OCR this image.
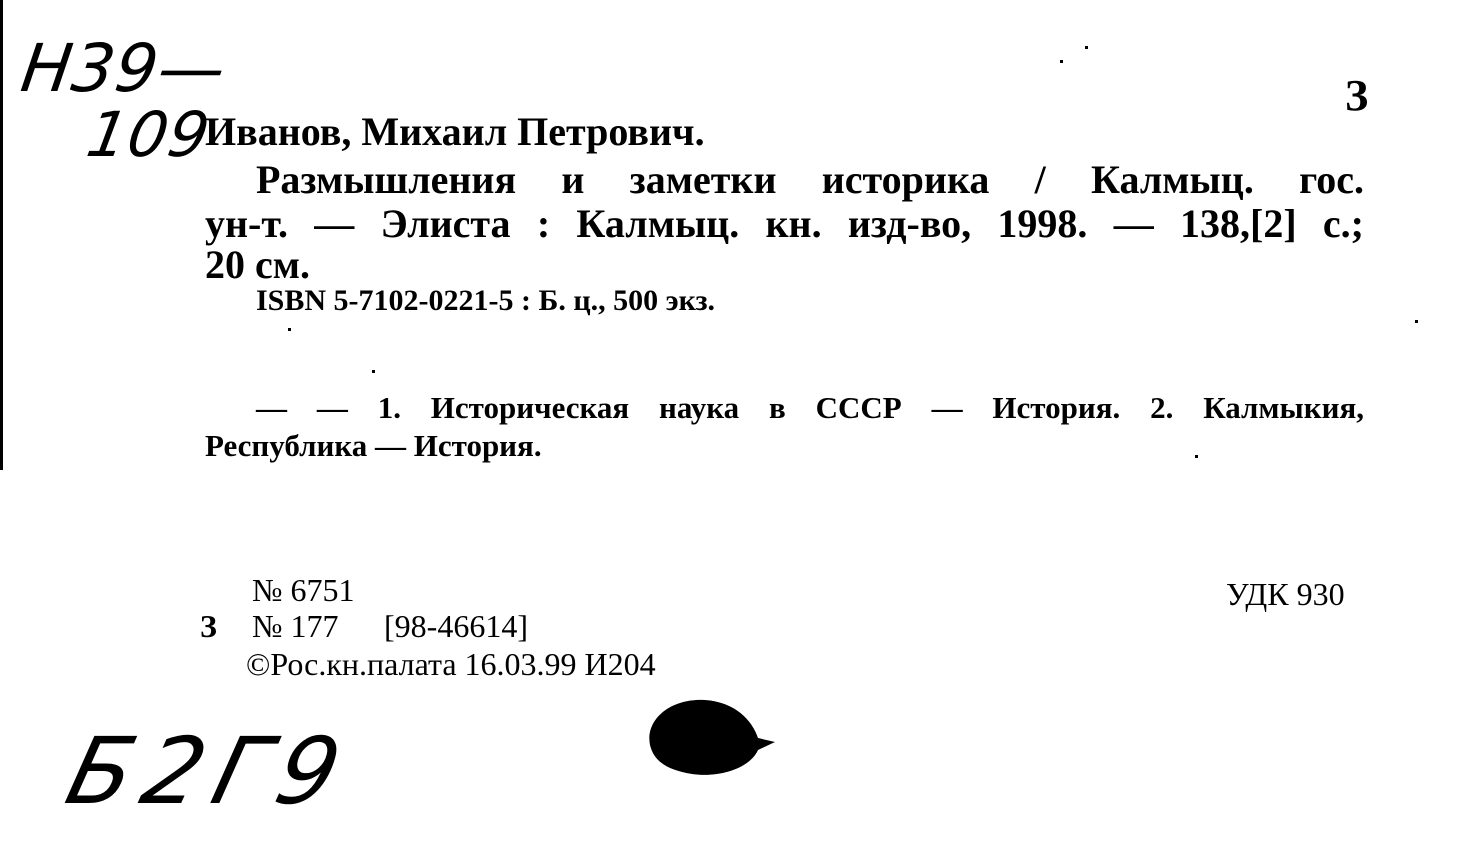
Н39—
109
З
Иванов, Михаил Петрович.
Размышления и заметки историка / Калмыц. гос.
ун-т. — Элиста : Калмыц. кн. изд-во, 1998. — 138,[2] с.;
20 см.
ISBN 5-7102-0221-5 : Б. ц., 500 экз.
— — 1. Историческая наука в СССР — История. 2. Калмыкия,
Республика — История.
№ 6751
З № 177 [98-46614]
©Рос.кн.палата 16.03.99 И204
УДК 930
Б2Г9
